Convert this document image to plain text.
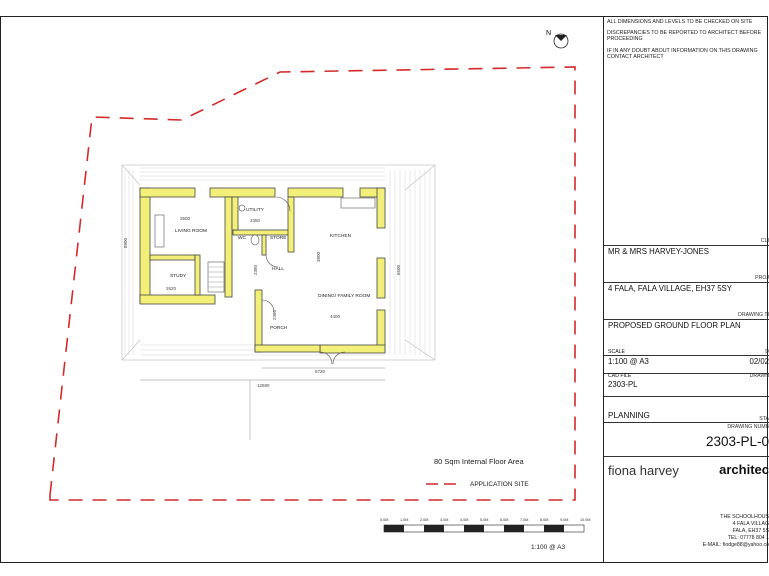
N
LIVING ROOM
STUDY
WC	STORE
UTILITY
HALL
KITCHEN
DINING/ FAMILY ROOM
PORCH
3500
2620
2350
2380
3800
4400
2380
5720
12580
8900
6500
80 Sqm Internal Floor Area
APPLICATION SITE
0.0M	1.0M	2.0M	3.0M	4.0M	5.0M	6.0M	7.0M	8.0M	9.0M	10.0M
1:100 @ A3
ALL DIMENSIONS AND LEVELS TO BE CHECKED ON SITE
DISCREPANCIES TO BE REPORTED TO ARCHITECT BEFORE
PROCEEDING
IF IN ANY DOUBT ABOUT INFORMATION ON THIS DRAWING
CONTACT ARCHITECT
CLI
MR & MRS HARVEY-JONES
PROJ
4 FALA, FALA VILLAGE, EH37 5SY
DRAWING TI
PROPOSED GROUND FLOOR PLAN
SCALE	D
1:100 @ A3	02/02
CAD FILE	DRAWN
2303-PL
PLANNING	STA
DRAWING NUMB
2303-PL-0
fiona harvey	architec
THE SCHOOLHOUS
4 FALA VILLAG
FALA, EH37 5S
TEL: 07778 804 1
E-MAIL: fiodge88@yahoo.co
